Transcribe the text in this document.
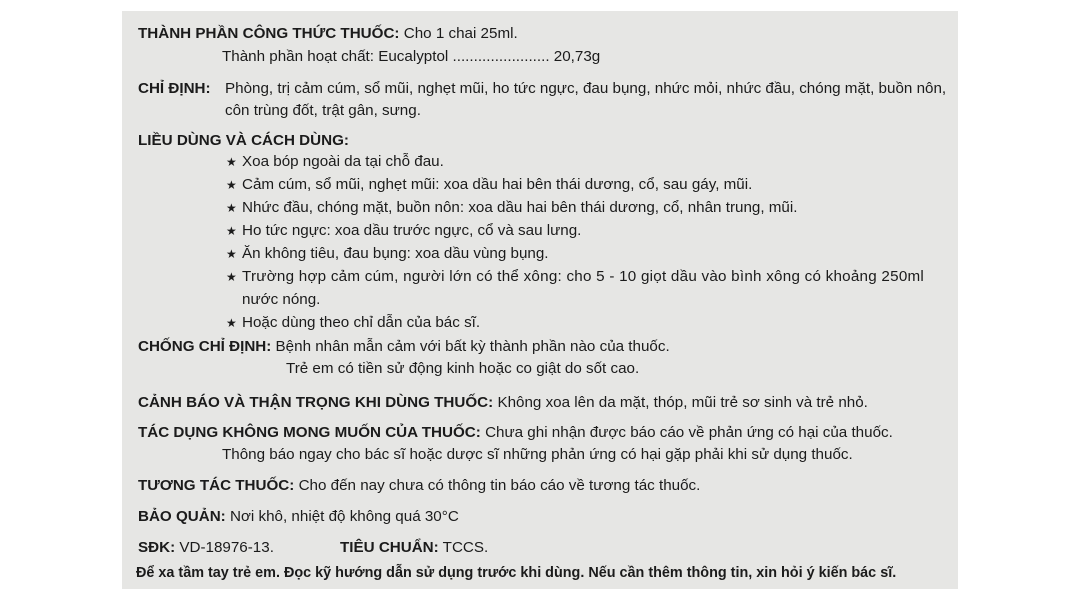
THÀNH PHẦN CÔNG THỨC THUỐC: Cho 1 chai 25ml.
Thành phần hoạt chất: Eucalyptol ....................... 20,73g
CHỈ ĐỊNH: Phòng, trị cảm cúm, sổ mũi, nghẹt mũi, ho tức ngực, đau bụng, nhức mỏi, nhức đầu, chóng mặt, buồn nôn,
côn trùng đốt, trật gân, sưng.
LIỀU DÙNG VÀ CÁCH DÙNG:
★ Xoa bóp ngoài da tại chỗ đau.
★ Cảm cúm, sổ mũi, nghẹt mũi: xoa dầu hai bên thái dương, cổ, sau gáy, mũi.
★ Nhức đầu, chóng mặt, buồn nôn: xoa dầu hai bên thái dương, cổ, nhân trung, mũi.
★ Ho tức ngực: xoa dầu trước ngực, cổ và sau lưng.
★ Ăn không tiêu, đau bụng: xoa dầu vùng bụng.
★ Trường hợp cảm cúm, người lớn có thể xông: cho 5 - 10 giọt dầu vào bình xông có khoảng 250ml
nước nóng.
★ Hoặc dùng theo chỉ dẫn của bác sĩ.
CHỐNG CHỈ ĐỊNH: Bệnh nhân mẫn cảm với bất kỳ thành phần nào của thuốc.
Trẻ em có tiền sử động kinh hoặc co giật do sốt cao.
CẢNH BÁO VÀ THẬN TRỌNG KHI DÙNG THUỐC: Không xoa lên da mặt, thóp, mũi trẻ sơ sinh và trẻ nhỏ.
TÁC DỤNG KHÔNG MONG MUỐN CỦA THUỐC: Chưa ghi nhận được báo cáo về phản ứng có hại của thuốc.
Thông báo ngay cho bác sĩ hoặc dược sĩ những phản ứng có hại gặp phải khi sử dụng thuốc.
TƯƠNG TÁC THUỐC: Cho đến nay chưa có thông tin báo cáo về tương tác thuốc.
BẢO QUẢN: Nơi khô, nhiệt độ không quá 30°C
SĐK: VD-18976-13.	TIÊU CHUẨN: TCCS.
Để xa tầm tay trẻ em. Đọc kỹ hướng dẫn sử dụng trước khi dùng. Nếu cần thêm thông tin, xin hỏi ý kiến bác sĩ.
